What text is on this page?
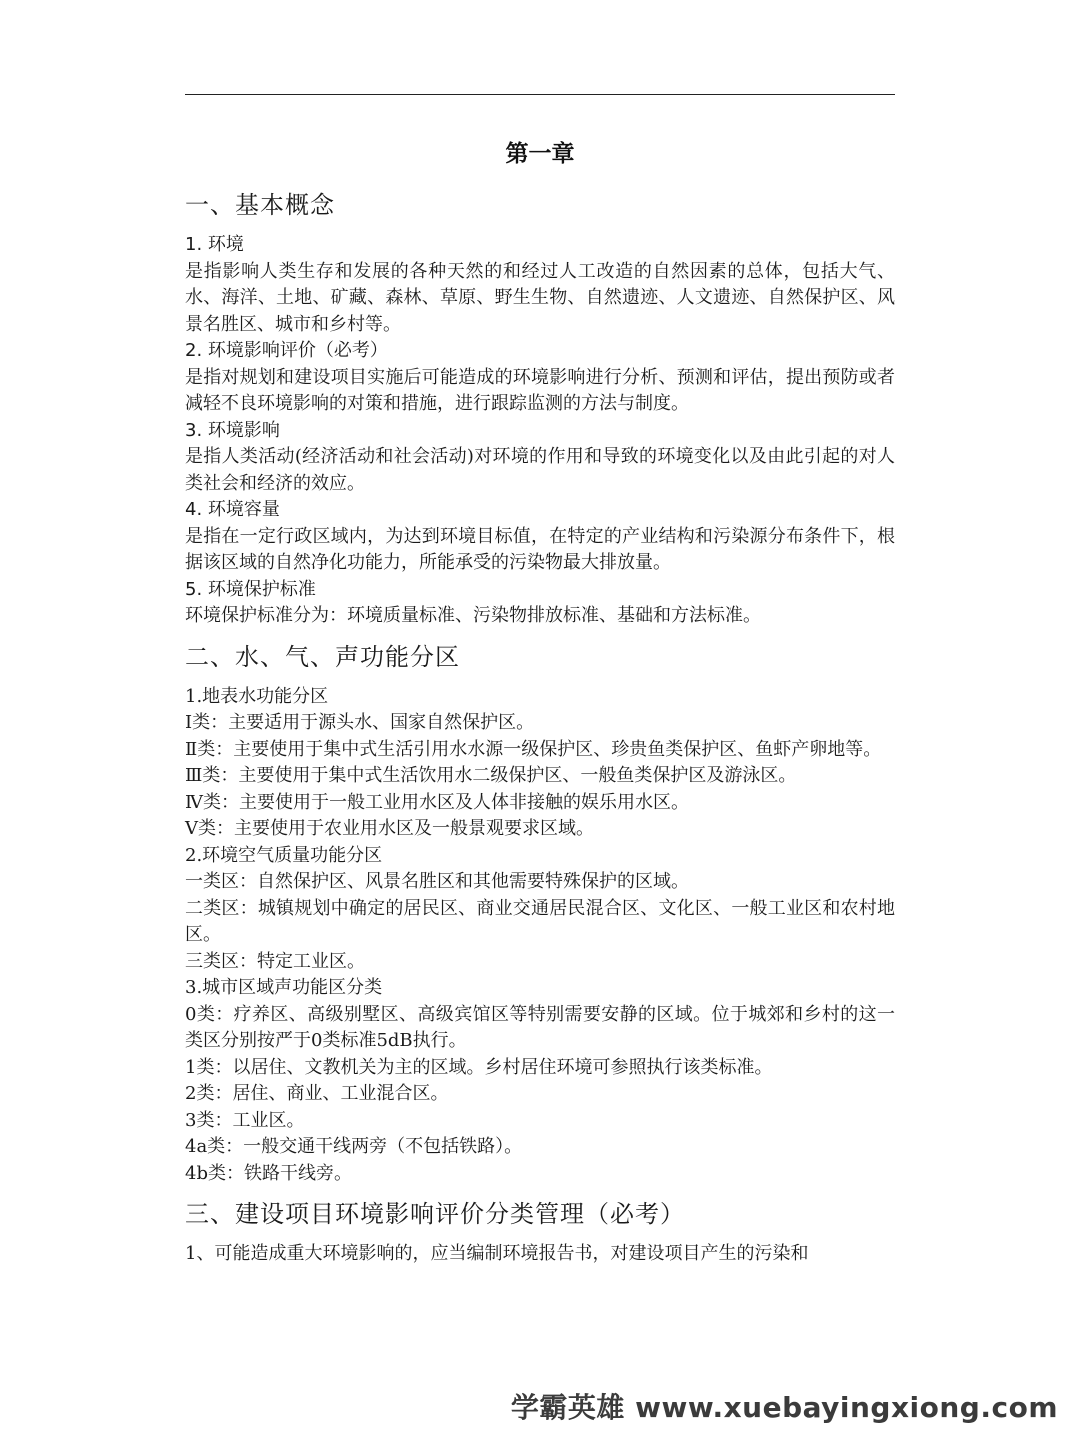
第一章
一、基本概念
1. 环境

是指影响人类生存和发展的各种天然的和经过人工改造的自然因素的总体，包括大气、水、海洋、土地、矿藏、森林、草原、野生生物、自然遗迹、人文遗迹、自然保护区、风景名胜区、城市和乡村等。

2. 环境影响评价（必考）

是指对规划和建设项目实施后可能造成的环境影响进行分析、预测和评估，提出预防或者减轻不良环境影响的对策和措施，进行跟踪监测的方法与制度。

3. 环境影响

是指人类活动(经济活动和社会活动)对环境的作用和导致的环境变化以及由此引起的对人类社会和经济的效应。

4. 环境容量

是指在一定行政区域内，为达到环境目标值，在特定的产业结构和污染源分布条件下，根据该区域的自然净化功能力，所能承受的污染物最大排放量。

5. 环境保护标准

环境保护标准分为：环境质量标准、污染物排放标准、基础和方法标准。

二、水、气、声功能分区

1.地表水功能分区

Ⅰ类：主要适用于源头水、国家自然保护区。

Ⅱ类：主要使用于集中式生活引用水水源一级保护区、珍贵鱼类保护区、鱼虾产卵地等。

Ⅲ类：主要使用于集中式生活饮用水二级保护区、一般鱼类保护区及游泳区。

Ⅳ类：主要使用于一般工业用水区及人体非接触的娱乐用水区。

Ⅴ类：主要使用于农业用水区及一般景观要求区域。

2.环境空气质量功能分区

一类区：自然保护区、风景名胜区和其他需要特殊保护的区域。

二类区：城镇规划中确定的居民区、商业交通居民混合区、文化区、一般工业区和农村地区。

三类区：特定工业区。

3.城市区域声功能区分类

0类：疗养区、高级别墅区、高级宾馆区等特别需要安静的区域。位于城郊和乡村的这一类区分别按严于0类标准5dB执行。

1类：以居住、文教机关为主的区域。乡村居住环境可参照执行该类标准。

2类：居住、商业、工业混合区。

3类：工业区。

4a类：一般交通干线两旁（不包括铁路）。

4b类：铁路干线旁。

三、建设项目环境影响评价分类管理（必考）

1、可能造成重大环境影响的，应当编制环境报告书，对建设项目产生的污染和

学霸英雄 www.xuebayingxiong.com
